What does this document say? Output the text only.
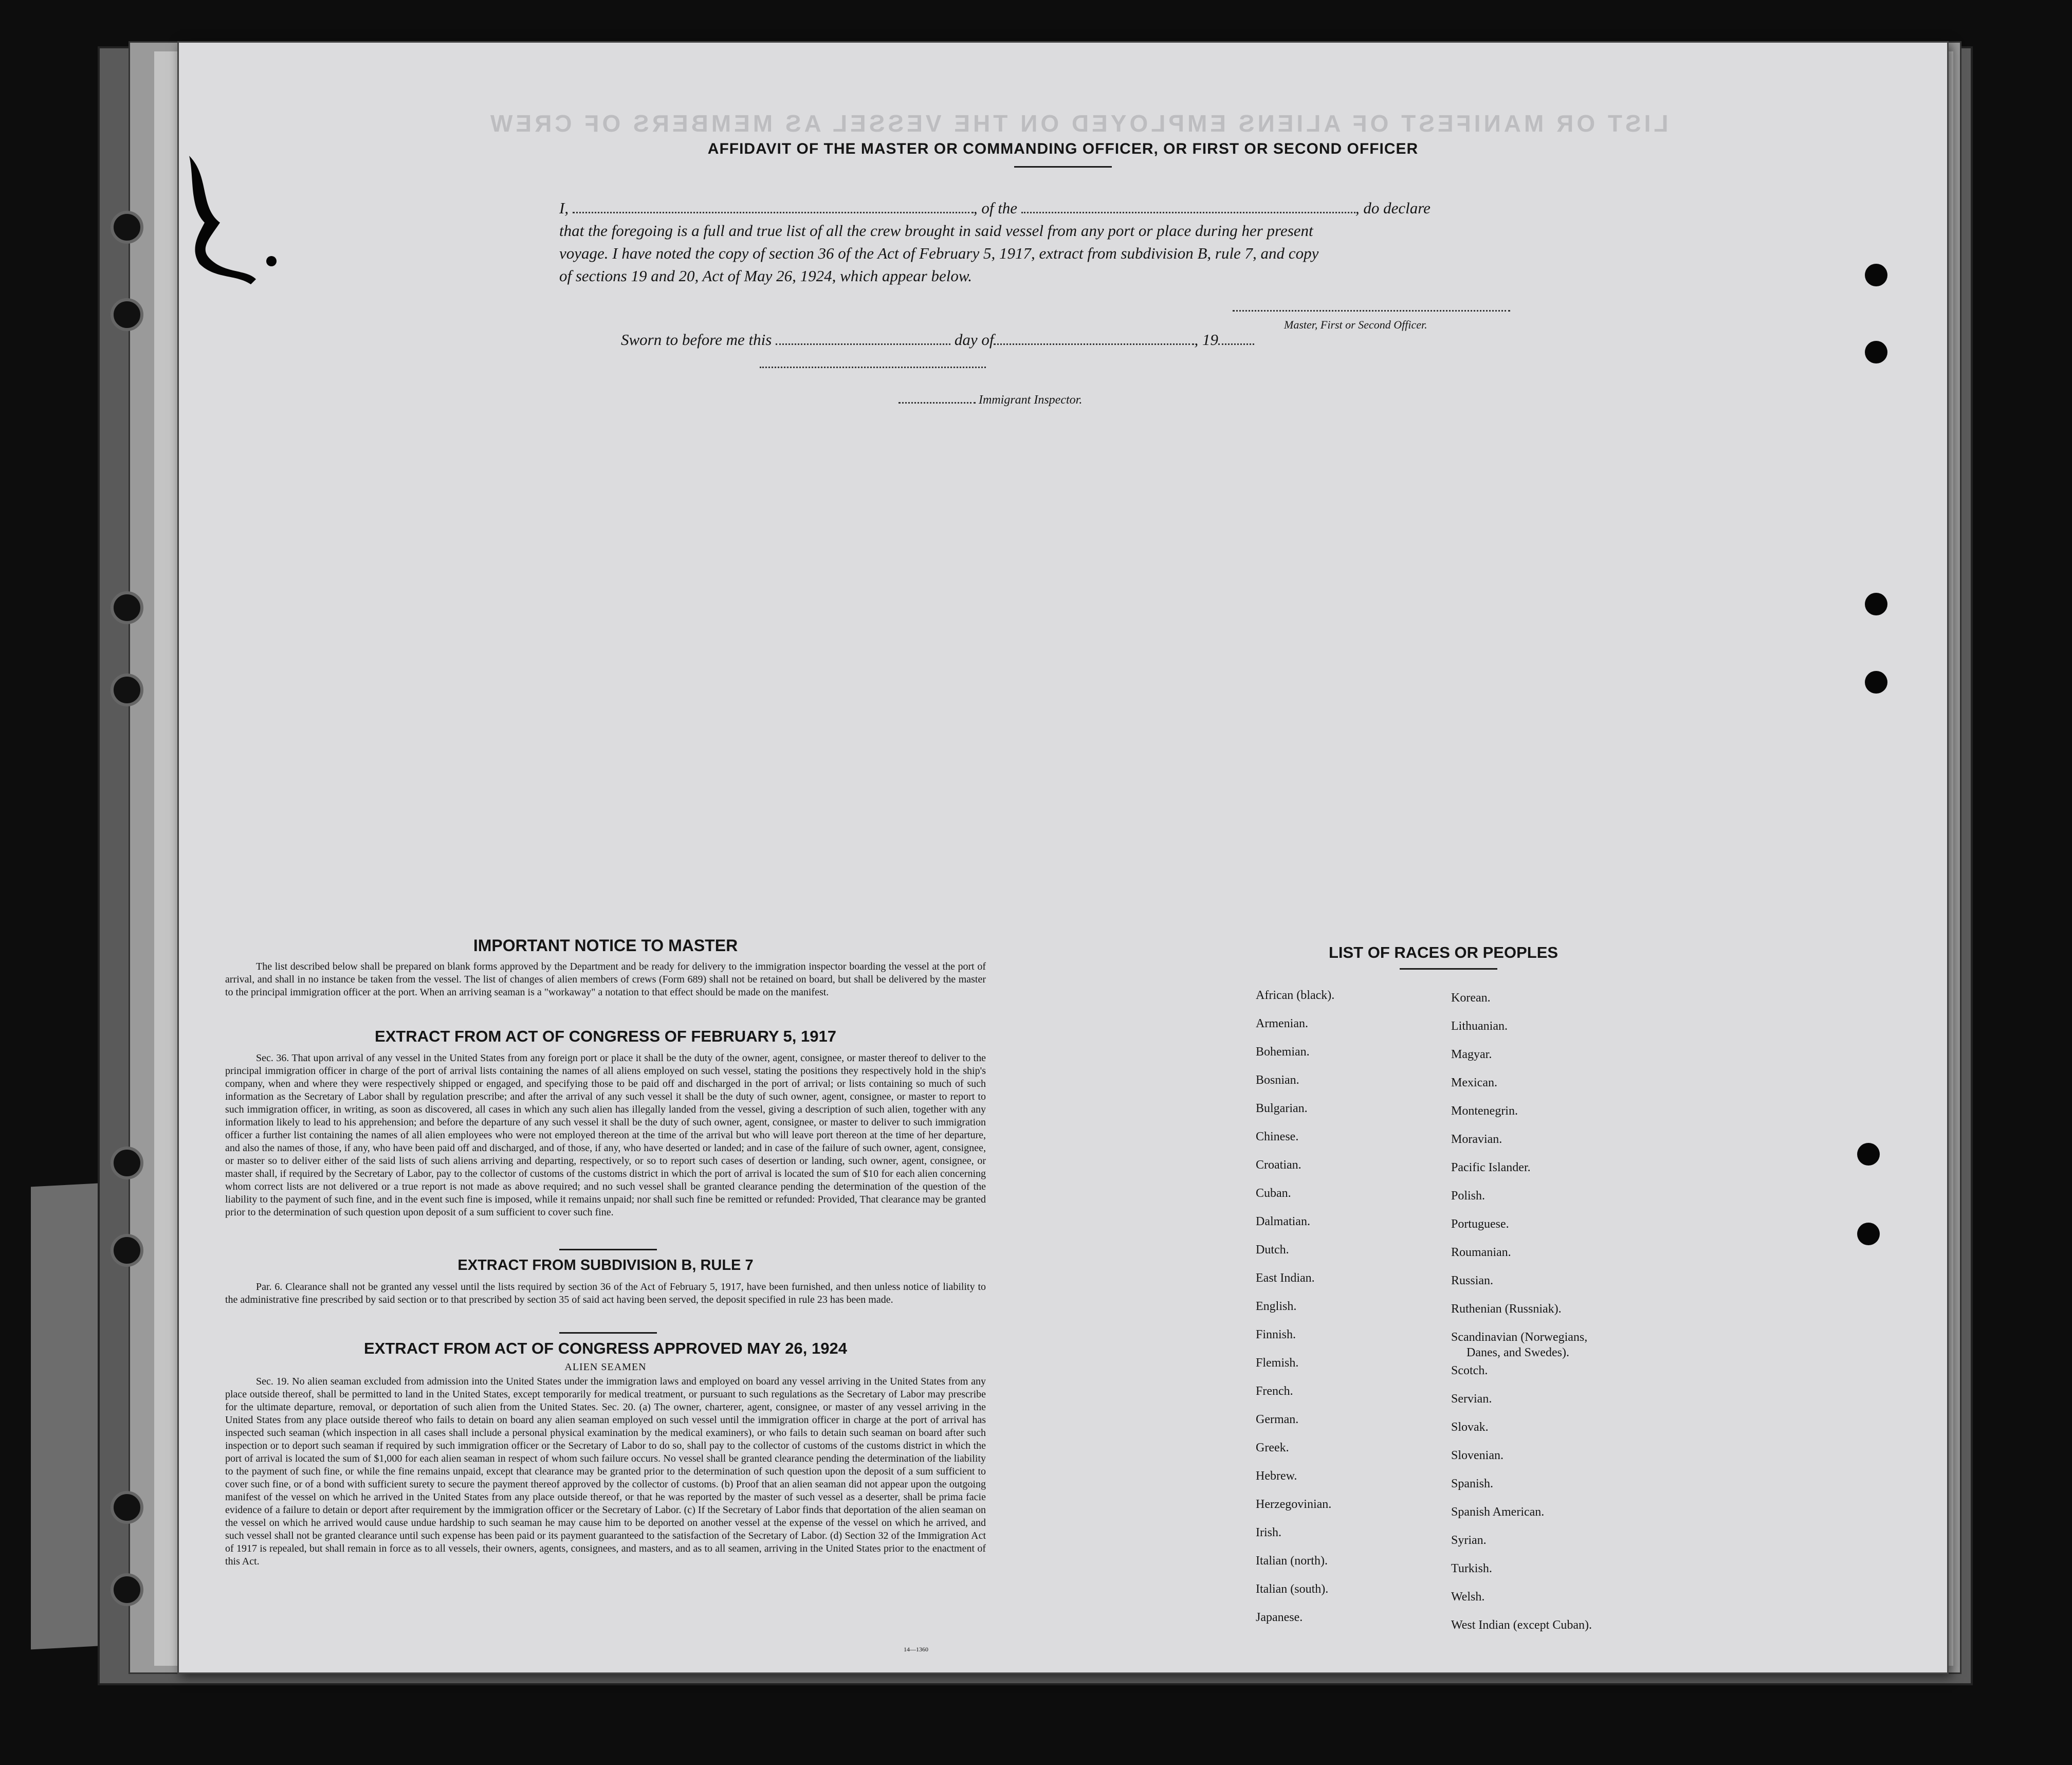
LIST OR MANIFEST OF ALIENS EMPLOYED ON THE VESSEL AS MEMBERS OF CREW
AFFIDAVIT OF THE MASTER OR COMMANDING OFFICER, OR FIRST OR SECOND OFFICER
I,	, of the	, do declare
that the foregoing is a full and true list of all the crew brought in said vessel from any port or place during her present
voyage. I have noted the copy of section 36 of the Act of February 5, 1917, extract from subdivision B, rule 7, and copy
of sections 19 and 20, Act of May 26, 1924, which appear below.
Master, First or Second Officer.
Sworn to before me this	day of	, 19
Immigrant Inspector.
IMPORTANT NOTICE TO MASTER
The list described below shall be prepared on blank forms approved by the Department and be ready for delivery to the immigration inspector boarding the vessel at the port of arrival, and shall in no instance be taken from the vessel. The list of changes of alien members of crews (Form 689) shall not be retained on board, but shall be delivered by the master to the principal immigration officer at the port. When an arriving seaman is a "workaway" a notation to that effect should be made on the manifest.
EXTRACT FROM ACT OF CONGRESS OF FEBRUARY 5, 1917
Sec. 36. That upon arrival of any vessel in the United States from any foreign port or place it shall be the duty of the owner, agent, consignee, or master thereof to deliver to the principal immigration officer in charge of the port of arrival lists containing the names of all aliens employed on such vessel, stating the positions they respectively hold in the ship's company, when and where they were respectively shipped or engaged, and specifying those to be paid off and discharged in the port of arrival; or lists containing so much of such information as the Secretary of Labor shall by regulation prescribe; and after the arrival of any such vessel it shall be the duty of such owner, agent, consignee, or master to report to such immigration officer, in writing, as soon as discovered, all cases in which any such alien has illegally landed from the vessel, giving a description of such alien, together with any information likely to lead to his apprehension; and before the departure of any such vessel it shall be the duty of such owner, agent, consignee, or master to deliver to such immigration officer a further list containing the names of all alien employees who were not employed thereon at the time of the arrival but who will leave port thereon at the time of her departure, and also the names of those, if any, who have been paid off and discharged, and of those, if any, who have deserted or landed; and in case of the failure of such owner, agent, consignee, or master so to deliver either of the said lists of such aliens arriving and departing, respectively, or so to report such cases of desertion or landing, such owner, agent, consignee, or master shall, if required by the Secretary of Labor, pay to the collector of customs of the customs district in which the port of arrival is located the sum of $10 for each alien concerning whom correct lists are not delivered or a true report is not made as above required; and no such vessel shall be granted clearance pending the determination of the question of the liability to the payment of such fine, and in the event such fine is imposed, while it remains unpaid; nor shall such fine be remitted or refunded: Provided, That clearance may be granted prior to the determination of such question upon deposit of a sum sufficient to cover such fine.
EXTRACT FROM SUBDIVISION B, RULE 7
Par. 6. Clearance shall not be granted any vessel until the lists required by section 36 of the Act of February 5, 1917, have been furnished, and then unless notice of liability to the administrative fine prescribed by said section or to that prescribed by section 35 of said act having been served, the deposit specified in rule 23 has been made.
EXTRACT FROM ACT OF CONGRESS APPROVED MAY 26, 1924
ALIEN SEAMEN
Sec. 19. No alien seaman excluded from admission into the United States under the immigration laws and employed on board any vessel arriving in the United States from any place outside thereof, shall be permitted to land in the United States, except temporarily for medical treatment, or pursuant to such regulations as the Secretary of Labor may prescribe for the ultimate departure, removal, or deportation of such alien from the United States. Sec. 20. (a) The owner, charterer, agent, consignee, or master of any vessel arriving in the United States from any place outside thereof who fails to detain on board any alien seaman employed on such vessel until the immigration officer in charge at the port of arrival has inspected such seaman (which inspection in all cases shall include a personal physical examination by the medical examiners), or who fails to detain such seaman on board after such inspection or to deport such seaman if required by such immigration officer or the Secretary of Labor to do so, shall pay to the collector of customs of the customs district in which the port of arrival is located the sum of $1,000 for each alien seaman in respect of whom such failure occurs. No vessel shall be granted clearance pending the determination of the liability to the payment of such fine, or while the fine remains unpaid, except that clearance may be granted prior to the determination of such question upon the deposit of a sum sufficient to cover such fine, or of a bond with sufficient surety to secure the payment thereof approved by the collector of customs. (b) Proof that an alien seaman did not appear upon the outgoing manifest of the vessel on which he arrived in the United States from any place outside thereof, or that he was reported by the master of such vessel as a deserter, shall be prima facie evidence of a failure to detain or deport after requirement by the immigration officer or the Secretary of Labor. (c) If the Secretary of Labor finds that deportation of the alien seaman on the vessel on which he arrived would cause undue hardship to such seaman he may cause him to be deported on another vessel at the expense of the vessel on which he arrived, and such vessel shall not be granted clearance until such expense has been paid or its payment guaranteed to the satisfaction of the Secretary of Labor. (d) Section 32 of the Immigration Act of 1917 is repealed, but shall remain in force as to all vessels, their owners, agents, consignees, and masters, and as to all seamen, arriving in the United States prior to the enactment of this Act.
14—1360
LIST OF RACES OR PEOPLES
African (black).
Armenian.
Bohemian.
Bosnian.
Bulgarian.
Chinese.
Croatian.
Cuban.
Dalmatian.
Dutch.
East Indian.
English.
Finnish.
Flemish.
French.
German.
Greek.
Hebrew.
Herzegovinian.
Irish.
Italian (north).
Italian (south).
Japanese.
Korean.
Lithuanian.
Magyar.
Mexican.
Montenegrin.
Moravian.
Pacific Islander.
Polish.
Portuguese.
Roumanian.
Russian.
Ruthenian (Russniak).
Scandinavian (Norwegians,
Danes, and Swedes).
Scotch.
Servian.
Slovak.
Slovenian.
Spanish.
Spanish American.
Syrian.
Turkish.
Welsh.
West Indian (except Cuban).
